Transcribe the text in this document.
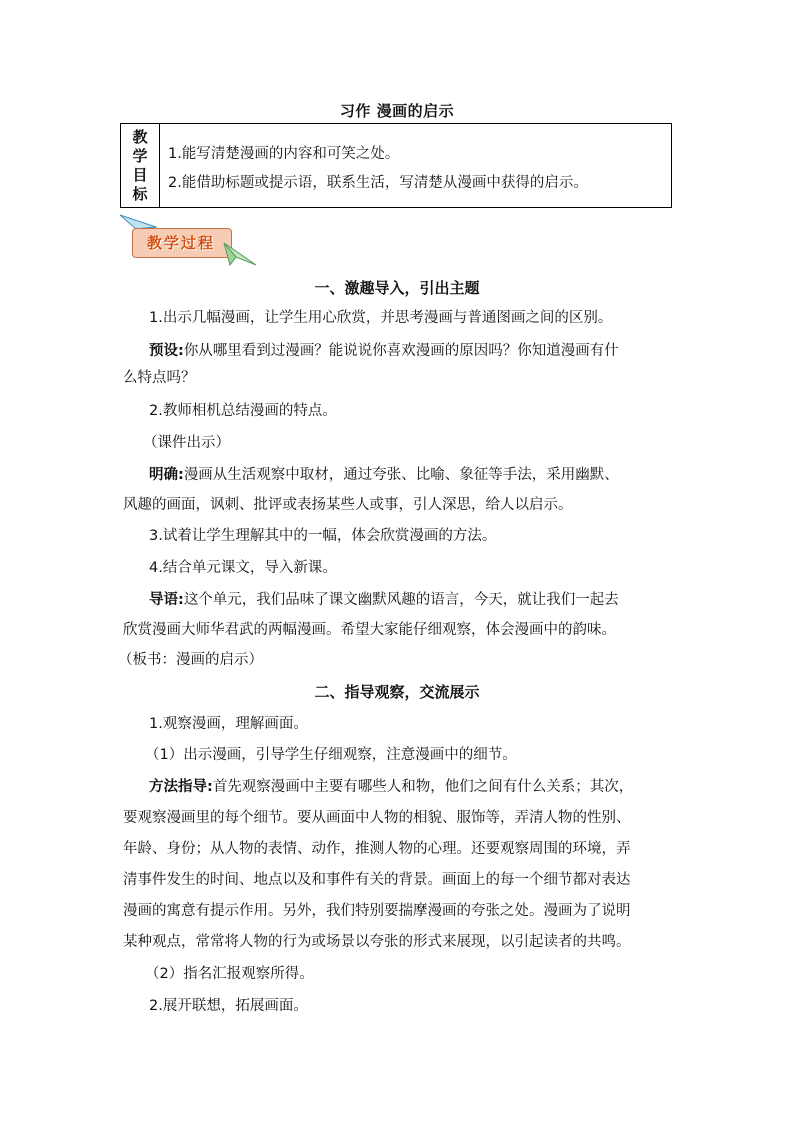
习作 漫画的启示
教
学
目
标
1.能写清楚漫画的内容和可笑之处。
2.能借助标题或提示语，联系生活，写清楚从漫画中获得的启示。
教学过程
一、激趣导入，引出主题
1.出示几幅漫画，让学生用心欣赏，并思考漫画与普通图画之间的区别。
预设:你从哪里看到过漫画？能说说你喜欢漫画的原因吗？你知道漫画有什
么特点吗？
2.教师相机总结漫画的特点。
（课件出示）
明确:漫画从生活观察中取材，通过夸张、比喻、象征等手法，采用幽默、
风趣的画面，讽刺、批评或表扬某些人或事，引人深思，给人以启示。
3.试着让学生理解其中的一幅，体会欣赏漫画的方法。
4.结合单元课文，导入新课。
导语:这个单元，我们品味了课文幽默风趣的语言，今天，就让我们一起去
欣赏漫画大师华君武的两幅漫画。希望大家能仔细观察，体会漫画中的韵味。
（板书：漫画的启示）
二、指导观察，交流展示
1.观察漫画，理解画面。
（1）出示漫画，引导学生仔细观察，注意漫画中的细节。
方法指导:首先观察漫画中主要有哪些人和物，他们之间有什么关系；其次，
要观察漫画里的每个细节。要从画面中人物的相貌、服饰等，弄清人物的性别、
年龄、身份；从人物的表情、动作，推测人物的心理。还要观察周围的环境，弄
清事件发生的时间、地点以及和事件有关的背景。画面上的每一个细节都对表达
漫画的寓意有提示作用。另外，我们特别要揣摩漫画的夸张之处。漫画为了说明
某种观点，常常将人物的行为或场景以夸张的形式来展现，以引起读者的共鸣。
（2）指名汇报观察所得。
2.展开联想，拓展画面。
